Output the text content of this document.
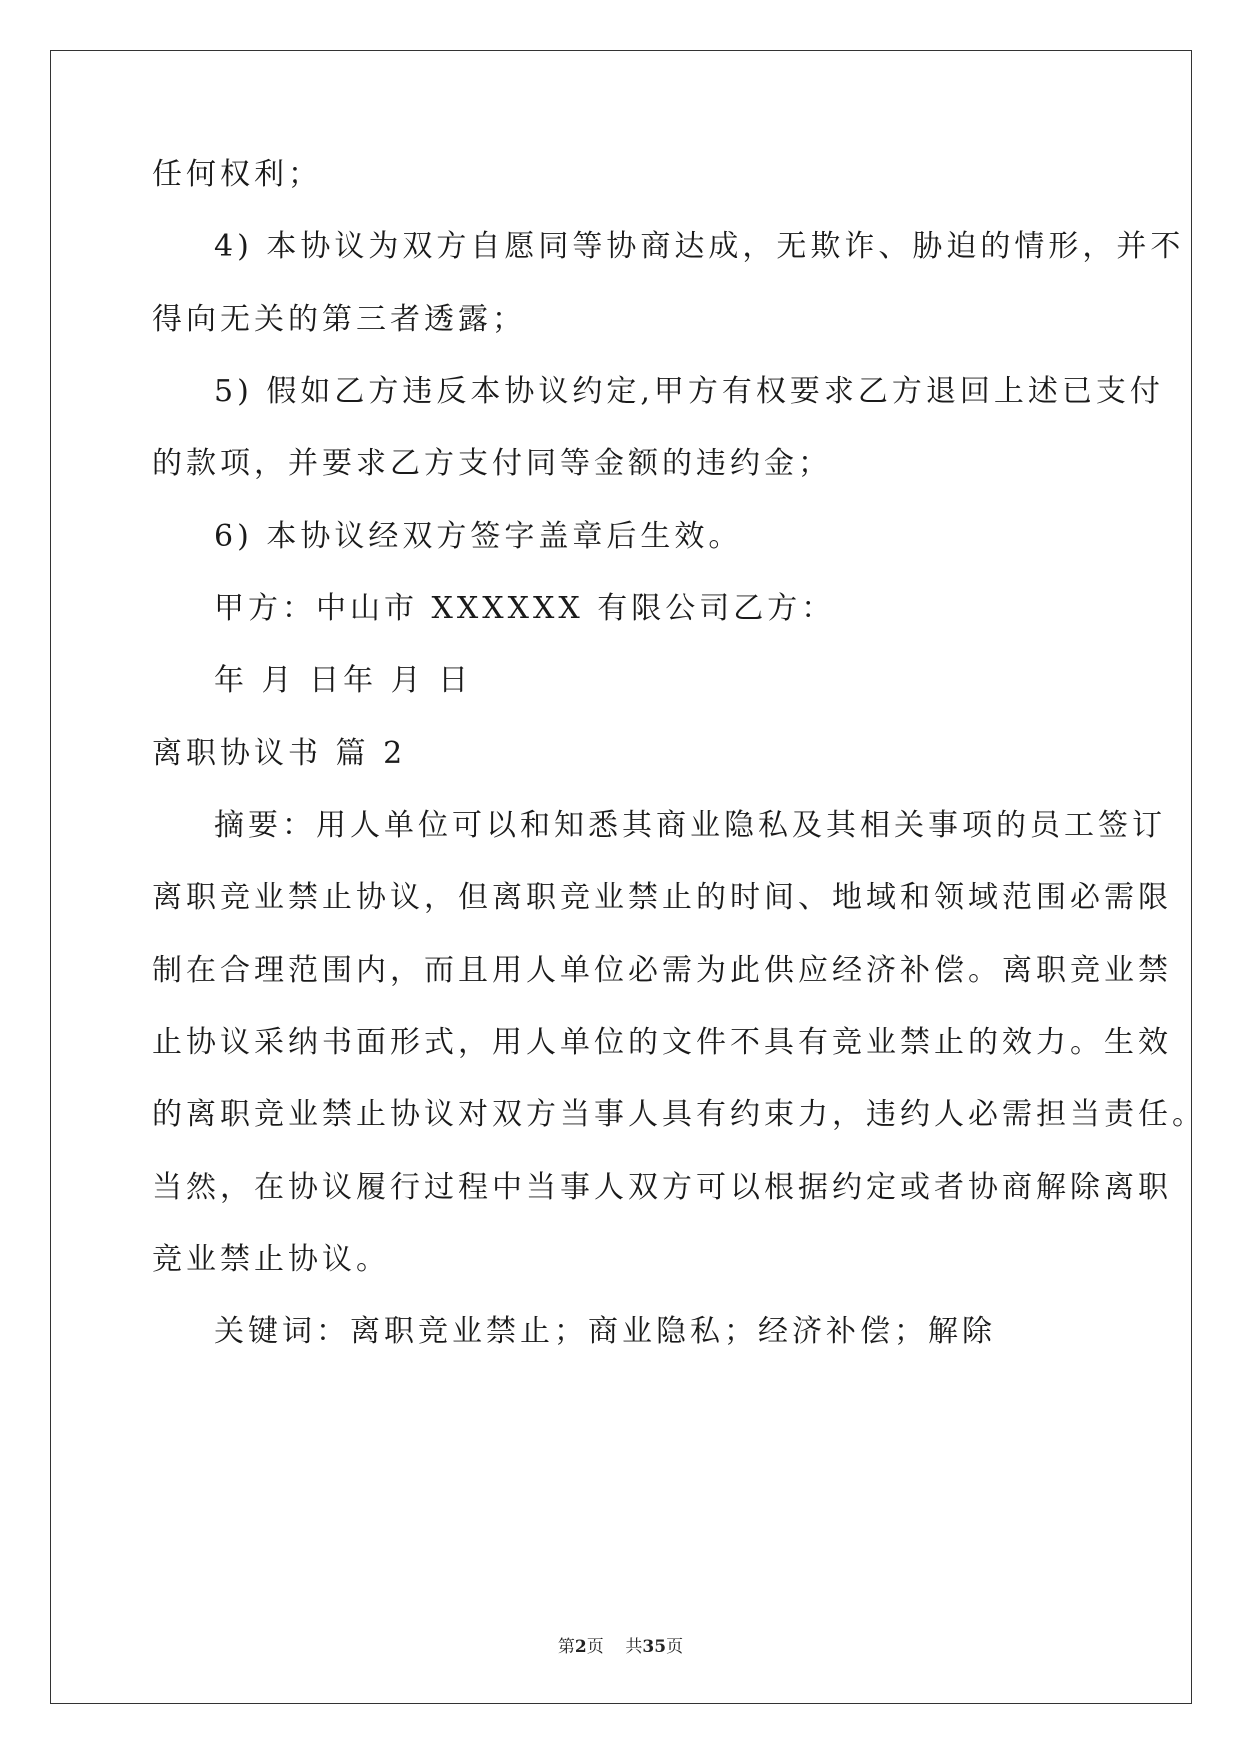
任何权利；
4) 本协议为双方自愿同等协商达成，无欺诈、胁迫的情形，并不
得向无关的第三者透露；
5) 假如乙方违反本协议约定,甲方有权要求乙方退回上述已支付
的款项，并要求乙方支付同等金额的违约金；
6) 本协议经双方签字盖章后生效。
甲方：中山市 XXXXXX 有限公司乙方：
年 月 日年 月 日
离职协议书 篇 2
摘要：用人单位可以和知悉其商业隐私及其相关事项的员工签订
离职竞业禁止协议，但离职竞业禁止的时间、地域和领域范围必需限
制在合理范围内，而且用人单位必需为此供应经济补偿。离职竞业禁
止协议采纳书面形式，用人单位的文件不具有竞业禁止的效力。生效
的离职竞业禁止协议对双方当事人具有约束力，违约人必需担当责任。
当然，在协议履行过程中当事人双方可以根据约定或者协商解除离职
竞业禁止协议。
关键词：离职竞业禁止；商业隐私；经济补偿；解除
第2页 共35页
